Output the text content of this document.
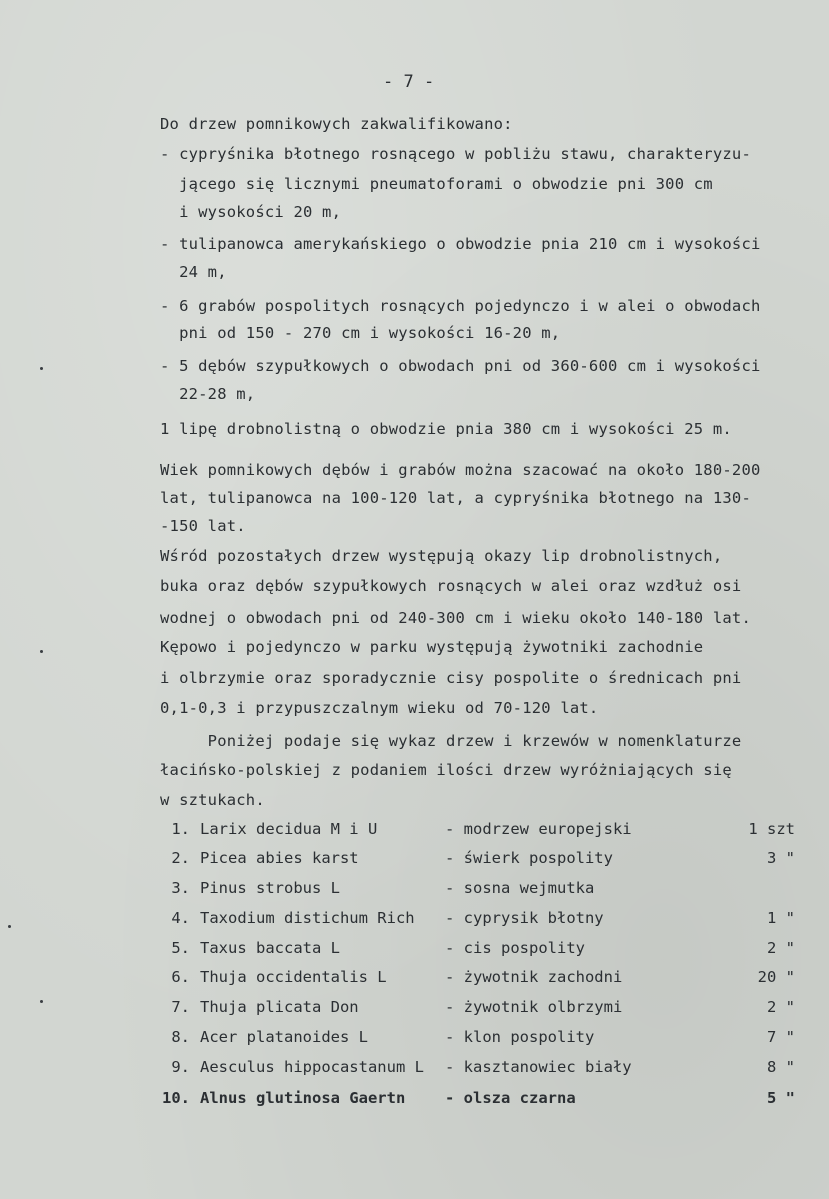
- 7 -
Do drzew pomnikowych zakwalifikowano:
- cypryśnika błotnego rosnącego w pobliżu stawu, charakteryzu-
jącego się licznymi pneumatoforami o obwodzie pni 300 cm
i wysokości 20 m,
- tulipanowca amerykańskiego o obwodzie pnia 210 cm i wysokości
24 m,
- 6 grabów pospolitych rosnących pojedynczo i w alei o obwodach
pni od 150 - 270 cm i wysokości 16-20 m,
- 5 dębów szypułkowych o obwodach pni od 360-600 cm i wysokości
22-28 m,
1 lipę drobnolistną o obwodzie pnia 380 cm i wysokości 25 m.
Wiek pomnikowych dębów i grabów można szacować na około 180-200
lat, tulipanowca na 100-120 lat, a cypryśnika błotnego na 130-
-150 lat.
Wśród pozostałych drzew występują okazy lip drobnolistnych,
buka oraz dębów szypułkowych rosnących w alei oraz wzdłuż osi
wodnej o obwodach pni od 240-300 cm i wieku około 140-180 lat.
Kępowo i pojedynczo w parku występują żywotniki zachodnie
i olbrzymie oraz sporadycznie cisy pospolite o średnicach pni
0,1-0,3 i przypuszczalnym wieku od 70-120 lat.
Poniżej podaje się wykaz drzew i krzewów w nomenklaturze
łacińsko-polskiej z podaniem ilości drzew wyróżniających się
w sztukach.
1. Larix decidua M i U	- modrzew europejski	1 szt
2. Picea abies karst	- świerk pospolity	3 "
3. Pinus strobus L	- sosna wejmutka
4. Taxodium distichum Rich - cyprysik błotny	1 "
5. Taxus baccata L	- cis pospolity	2 "
6. Thuja occidentalis L	- żywotnik zachodni	20 "
7. Thuja plicata Don	- żywotnik olbrzymi	2 "
8. Acer platanoides L	- klon pospolity	7 "
9. Aesculus hippocastanum L - kasztanowiec biały	8 "
10. Alnus glutinosa Gaertn	- olsza czarna	5 "
